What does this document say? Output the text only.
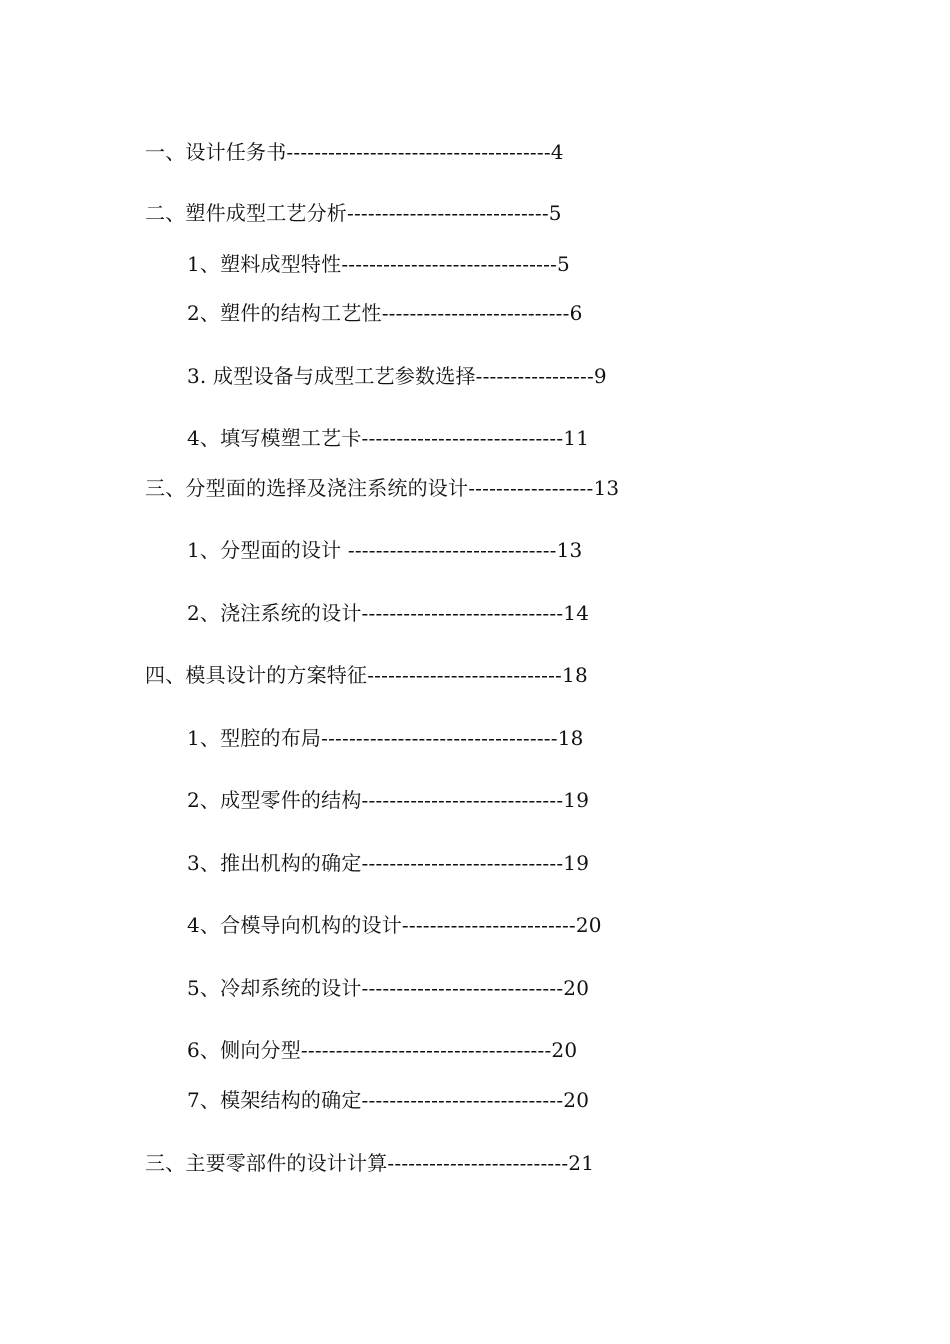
一、设计任务书--------------------------------------4
二、塑件成型工艺分析-----------------------------5
1、塑料成型特性-------------------------------5
2、塑件的结构工艺性---------------------------6
3. 成型设备与成型工艺参数选择-----------------9
4、填写模塑工艺卡-----------------------------11
三、分型面的选择及浇注系统的设计------------------13
1、分型面的设计 ------------------------------13
2、浇注系统的设计-----------------------------14
四、模具设计的方案特征----------------------------18
1、型腔的布局----------------------------------18
2、成型零件的结构-----------------------------19
3、推出机构的确定-----------------------------19
4、合模导向机构的设计-------------------------20
5、冷却系统的设计-----------------------------20
6、侧向分型------------------------------------20
7、模架结构的确定-----------------------------20
三、主要零部件的设计计算--------------------------21
